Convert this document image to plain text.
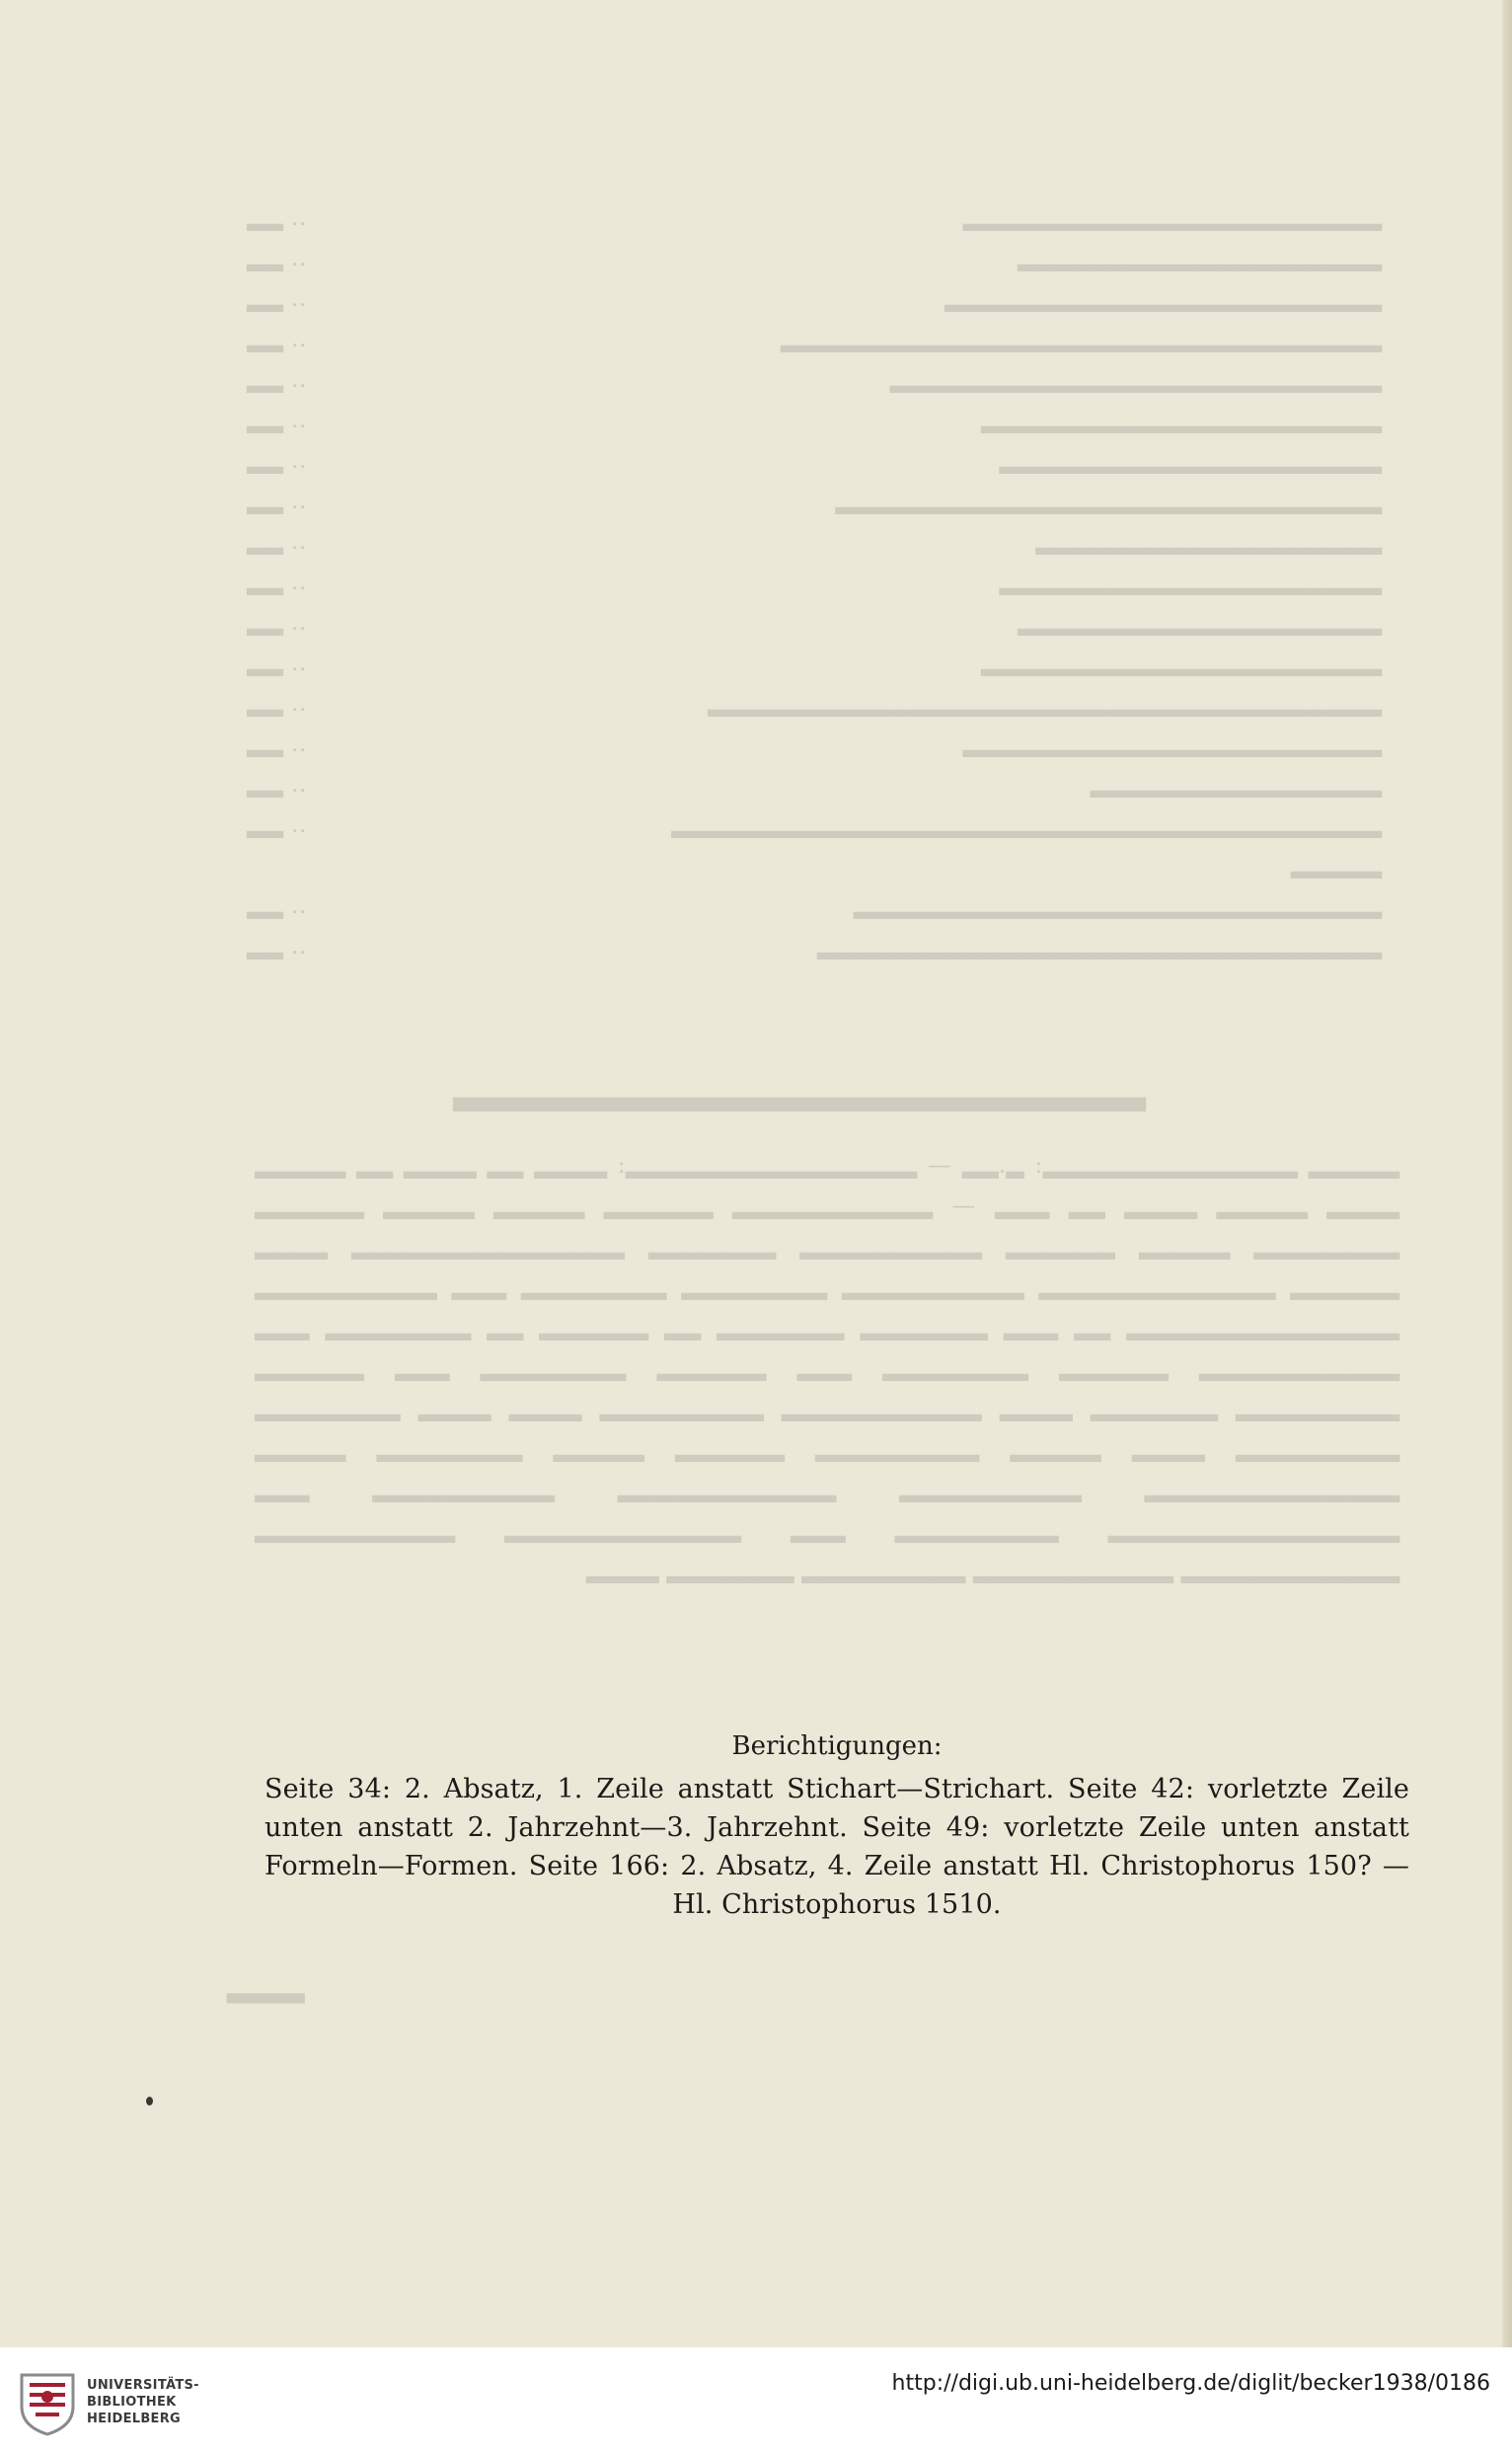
▂▂▂▂▂▂▂▂▂▂▂▂▂▂▂▂▂▂▂▂▂▂▂
‥ ▂▂
▂▂▂▂▂▂▂▂▂▂▂▂▂▂▂▂▂▂▂▂
‥ ▂▂
▂▂▂▂▂▂▂▂▂▂▂▂▂▂▂▂▂▂▂▂▂▂▂▂
‥ ▂▂
▂▂▂▂▂▂▂▂▂▂▂▂▂▂▂▂▂▂▂▂▂▂▂▂▂▂▂▂▂▂▂▂▂
‥ ▂▂
▂▂▂▂▂▂▂▂▂▂▂▂▂▂▂▂▂▂▂▂▂▂▂▂▂▂▂
‥ ▂▂
▂▂▂▂▂▂▂▂▂▂▂▂▂▂▂▂▂▂▂▂▂▂
‥ ▂▂
▂▂▂▂▂▂▂▂▂▂▂▂▂▂▂▂▂▂▂▂▂
‥ ▂▂
▂▂▂▂▂▂▂▂▂▂▂▂▂▂▂▂▂▂▂▂▂▂▂▂▂▂▂▂▂▂
‥ ▂▂
▂▂▂▂▂▂▂▂▂▂▂▂▂▂▂▂▂▂▂
‥ ▂▂
▂▂▂▂▂▂▂▂▂▂▂▂▂▂▂▂▂▂▂▂▂
‥ ▂▂
▂▂▂▂▂▂▂▂▂▂▂▂▂▂▂▂▂▂▂▂
‥ ▂▂
▂▂▂▂▂▂▂▂▂▂▂▂▂▂▂▂▂▂▂▂▂▂
‥ ▂▂
▂▂▂▂▂▂▂▂▂▂▂▂▂▂▂▂▂▂▂▂▂▂▂▂▂▂▂▂▂▂▂▂▂▂▂▂▂
‥ ▂▂
▂▂▂▂▂▂▂▂▂▂▂▂▂▂▂▂▂▂▂▂▂▂▂
‥ ▂▂
▂▂▂▂▂▂▂▂▂▂▂▂▂▂▂▂
‥ ▂▂
▂▂▂▂▂▂▂▂▂▂▂▂▂▂▂▂▂▂▂▂▂▂▂▂▂▂▂▂▂▂▂▂▂▂▂▂▂▂▂
‥ ▂▂
▂▂▂▂▂
▂▂▂▂▂▂▂▂▂▂▂▂▂▂▂▂▂▂▂▂▂▂▂▂▂▂▂▂▂
‥ ▂▂
▂▂▂▂▂▂▂▂▂▂▂▂▂▂▂▂▂▂▂▂▂▂▂▂▂▂▂▂▂▂▂
‥ ▂▂
▂▂▂▂▂▂▂▂▂▂▂▂▂▂▂▂▂▂▂
▂▂▂▂▂ ▂▂▂▂▂▂▂▂▂▂▂▂▂▂: ▂.▂▂ — ▂▂▂▂▂▂▂▂▂▂▂▂▂▂▂▂: ▂▂▂▂ ▂▂ ▂▂▂▂ ▂▂ ▂▂▂▂▂ ▂▂▂▂ ▂▂▂▂▂ ▂▂▂▂ ▂▂ ▂▂▂ — ▂▂▂▂▂▂▂▂▂▂▂ ▂▂▂▂▂▂ ▂▂▂▂▂ ▂▂▂▂▂ ▂▂▂▂▂▂ ▂▂▂▂▂▂▂▂ ▂▂▂▂▂ ▂▂▂▂▂▂ ▂▂▂▂▂▂▂▂▂▂ ▂▂▂▂▂▂▂ ▂▂▂▂▂▂▂▂▂▂▂▂▂▂▂ ▂▂▂▂ ▂▂▂▂▂▂ ▂▂▂▂▂▂▂▂▂▂▂▂▂ ▂▂▂▂▂▂▂▂▂▂ ▂▂▂▂▂▂▂▂ ▂▂▂▂▂▂▂▂ ▂▂▂ ▂▂▂▂▂▂▂▂▂▂ ▂▂▂▂▂▂▂▂▂▂▂▂▂▂▂ ▂▂ ▂▂▂ ▂▂▂▂▂▂▂ ▂▂▂▂▂▂▂ ▂▂ ▂▂▂▂▂▂ ▂▂ ▂▂▂▂▂▂▂▂ ▂▂▂ ▂▂▂▂▂▂▂▂▂▂▂ ▂▂▂▂▂▂ ▂▂▂▂▂▂▂▂ ▂▂▂ ▂▂▂▂▂▂ ▂▂▂▂▂▂▂▂ ▂▂▂ ▂▂▂▂▂▂ ▂▂▂▂▂▂▂▂▂ ▂▂▂▂▂▂▂ ▂▂▂▂ ▂▂▂▂▂▂▂▂▂▂▂ ▂▂▂▂▂▂▂▂▂ ▂▂▂▂ ▂▂▂▂ ▂▂▂▂▂▂▂▂ ▂▂▂▂▂▂▂▂▂ ▂▂▂▂ ▂▂▂▂▂ ▂▂▂▂▂▂▂▂▂ ▂▂▂▂▂▂ ▂▂▂▂▂ ▂▂▂▂▂▂▂▂ ▂▂▂▂▂ ▂▂▂▂▂▂▂▂▂▂▂▂▂▂ ▂▂▂▂▂▂▂▂▂▂ ▂▂▂▂▂▂▂▂▂▂▂▂ ▂▂▂▂▂▂▂▂▂▂ ▂▂▂ ▂▂▂▂▂▂▂▂▂▂▂▂▂▂▂▂ ▂▂▂▂▂▂▂▂▂ ▂▂▂ ▂▂▂▂▂▂▂▂▂▂▂▂▂ ▂▂▂▂▂▂▂▂▂▂▂ ▂▂▂▂▂▂▂▂▂▂▂▂ ▂▂▂▂▂▂▂▂▂▂▂ ▂▂▂▂▂▂▂▂▂ ▂▂▂▂▂▂▂ ▂▂▂▂
▂▂▂
Berichtigungen:
Seite 34: 2. Absatz, 1. Zeile anstatt Stichart—Strichart. Seite 42: vorletzte Zeile unten anstatt 2. Jahrzehnt—3. Jahrzehnt. Seite 49: vorletzte Zeile unten anstatt Formeln—Formen. Seite 166: 2. Absatz, 4. Zeile anstatt Hl. Christophorus 150? —Hl. Christophorus 1510.
UNIVERSITÄTS-
BIBLIOTHEK
HEIDELBERG
http://digi.ub.uni-heidelberg.de/diglit/becker1938/0186
